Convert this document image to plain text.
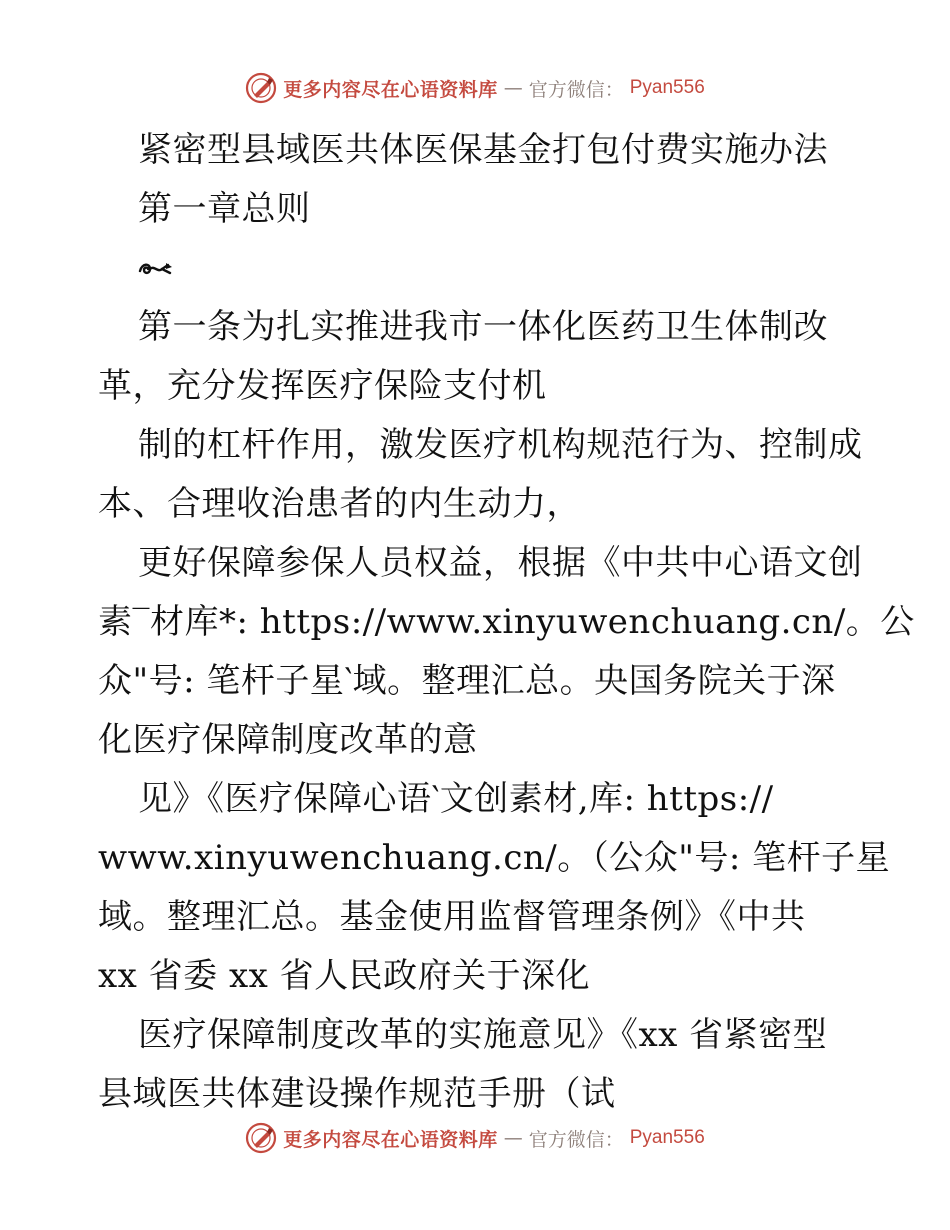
更多内容尽在心语资料库 — 官方微信： Pyan556
紧密型县域医共体医保基金打包付费实施办法
第一章总则
第一条为扎实推进我市一体化医药卫生体制改
革，充分发挥医疗保险支付机
制的杠杆作用，激发医疗机构规范行为、控制成
本、合理收治患者的内生动力，
更好保障参保人员权益，根据《中共中心语文创
素‾材库*: https://www.xinyuwenchuang.cn/。公
众"号: 笔杆子星‵域。整理汇总。央国务院关于深
化医疗保障制度改革的意
见》《医疗保障心语‵文创素材,库: https://
www.xinyuwenchuang.cn/。（公众"号: 笔杆子星
域。整理汇总。基金使用监督管理条例》《中共
xx 省委 xx 省人民政府关于深化
医疗保障制度改革的实施意见》《xx 省紧密型
县域医共体建设操作规范手册（试
更多内容尽在心语资料库 — 官方微信： Pyan556
